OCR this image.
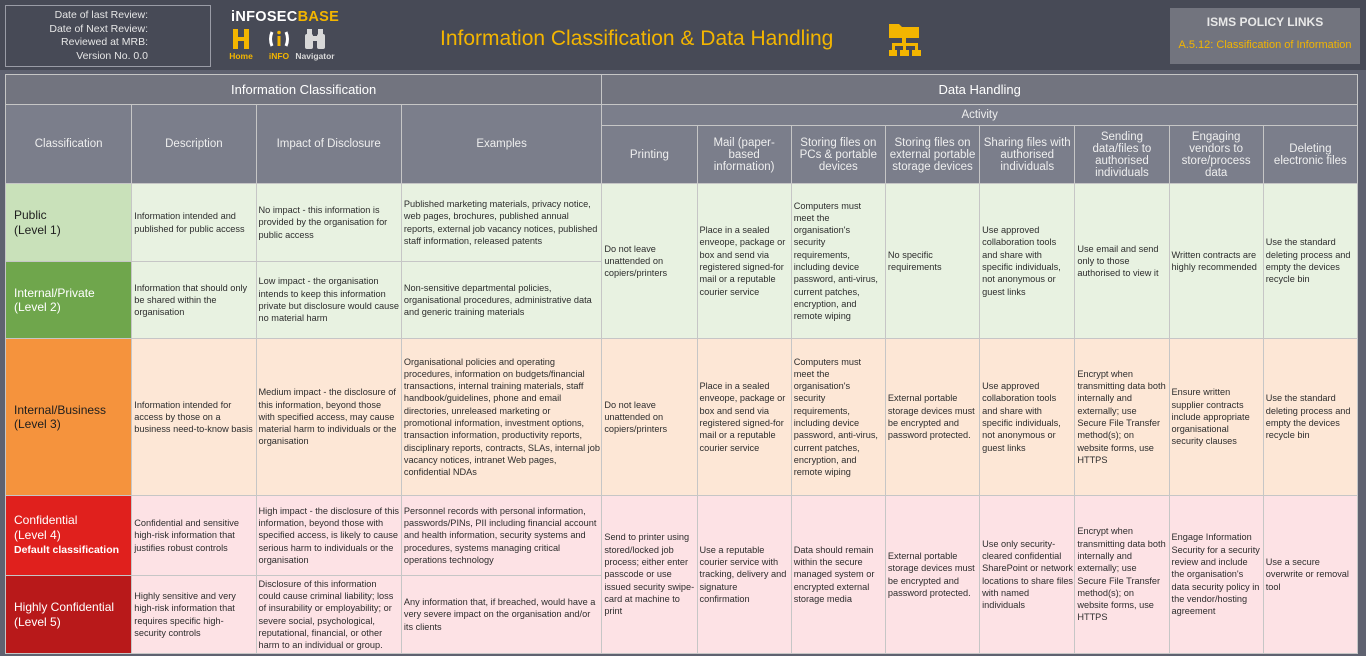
Date of last Review:
Date of Next Review:
Reviewed at MRB:
Version No. 0.0
iNFOSECBASE
Home iNFO Navigator
Information Classification & Data Handling
ISMS POLICY LINKS
A.5.12: Classification of Information
Information Classification				Data Handling							
Classification	Description	Impact of Disclosure	Examples	Activity							
				Printing	Mail (paper-based information)	Storing files on PCs & portable devices	Storing files on external portable storage devices	Sharing files with authorised individuals	Sending data/files to authorised individuals	Engaging vendors to store/process data	Deleting electronic files
Public
(Level 1)	Information intended and published for public access	No impact - this information is provided by the organisation for public access	Published marketing materials, privacy notice, web pages, brochures, published annual reports, external job vacancy notices, published staff information, released patents	Do not leave unattended on copiers/printers	Place in a sealed enveope, package or box and send via registered signed-for mail or a reputable courier service	Computers must meet the organisation's security requirements, including device password, anti-virus, current patches, encryption, and remote wiping	No specific requirements	Use approved collaboration tools and share with specific individuals, not anonymous or guest links	Use email and send only to those authorised to view it	Written contracts are highly recommended	Use the standard deleting process and empty the devices recycle bin
Internal/Private
(Level 2)	Information that should only be shared within the organisation	Low impact - the organisation intends to keep this information private but disclosure would cause no material harm	Non-sensitive departmental policies, organisational procedures, administrative data and generic training materials								
Internal/Business
(Level 3)	Information intended for access by those on a business need-to-know basis	Medium impact - the disclosure of this information, beyond those with specified access, may cause material harm to individuals or the organisation	Organisational policies and operating procedures, information on budgets/financial transactions, internal training materials, staff handbook/guidelines, phone and email directories, unreleased marketing or promotional information, investment options, transaction information, productivity reports, disciplinary reports, contracts, SLAs, internal job vacancy notices, intranet Web pages, confidential NDAs	Do not leave unattended on copiers/printers	Place in a sealed enveope, package or box and send via registered signed-for mail or a reputable courier service	Computers must meet the organisation's security requirements, including device password, anti-virus, current patches, encryption, and remote wiping	External portable storage devices must be encrypted and password protected.	Use approved collaboration tools and share with specific individuals, not anonymous or guest links	Encrypt when transmitting data both internally and externally; use Secure File Transfer method(s); on website forms, use HTTPS	Ensure written supplier contracts include appropriate organisational security clauses	Use the standard deleting process and empty the devices recycle bin
Confidential
(Level 4)
Default classification	Confidential and sensitive high-risk information that justifies robust controls	High impact - the disclosure of this information, beyond those with specified access, is likely to cause serious harm to individuals or the organisation	Personnel records with personal information, passwords/PINs, PII including financial account and health information, security systems and procedures, systems managing critical operations technology	Send to printer using stored/locked job process; either enter passcode or use issued security swipe-card at machine to print	Use a reputable courier service with tracking, delivery and signature confirmation	Data should remain within the secure managed system or encrypted external storage media	External portable storage devices must be encrypted and password protected.	Use only security-cleared confidential SharePoint or network locations to share files with named individuals	Encrypt when transmitting data both internally and externally; use Secure File Transfer method(s); on website forms, use HTTPS	Engage Information Security for a security review and include the organisation's data security policy in the vendor/hosting agreement	Use a secure overwrite or removal tool
Highly Confidential
(Level 5)	Highly sensitive and very high-risk information that requires specific high-security controls	Disclosure of this information could cause criminal liability; loss of insurability or employability; or severe social, psychological, reputational, financial, or other harm to an individual or group.	Any information that, if breached, would have a very severe impact on the organisation and/or its clients								
